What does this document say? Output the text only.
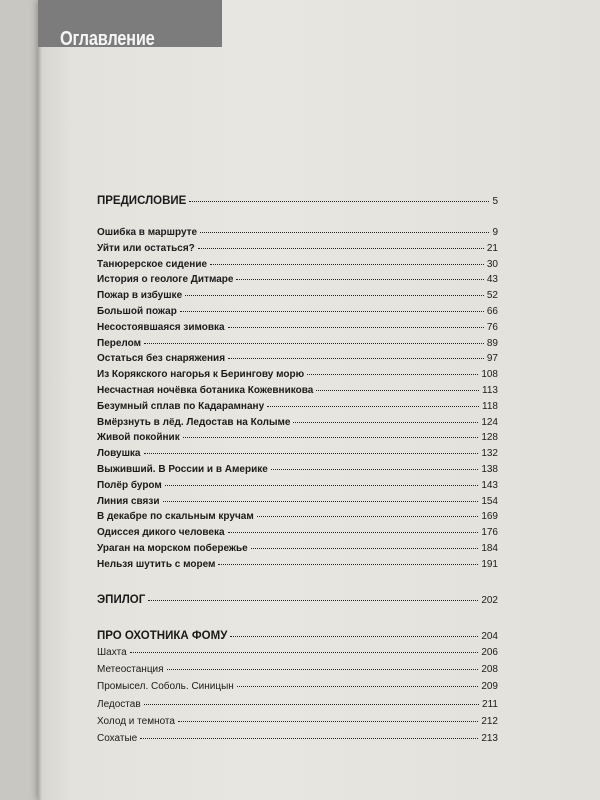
Оглавление
ПРЕДИСЛОВИЕ	5
Ошибка в маршруте	9
Уйти или остаться?	21
Танюрерское сидение	30
История о геологе Дитмаре	43
Пожар в избушке	52
Большой пожар	66
Несостоявшаяся зимовка	76
Перелом	89
Остаться без снаряжения	97
Из Корякского нагорья к Берингову морю	108
Несчастная ночёвка ботаника Кожевникова	113
Безумный сплав по Кадарамнану	118
Вмёрзнуть в лёд. Ледостав на Колыме	124
Живой покойник	128
Ловушка	132
Выживший. В России и в Америке	138
Полёр буром	143
Линия связи	154
В декабре по скальным кручам	169
Одиссея дикого человека	176
Ураган на морском побережье	184
Нельзя шутить с морем	191
ЭПИЛОГ	202
ПРО ОХОТНИКА ФОМУ	204
Шахта	206
Метеостанция	208
Промысел. Соболь. Синицын	209
Ледостав	211
Холод и темнота	212
Сохатые	213
